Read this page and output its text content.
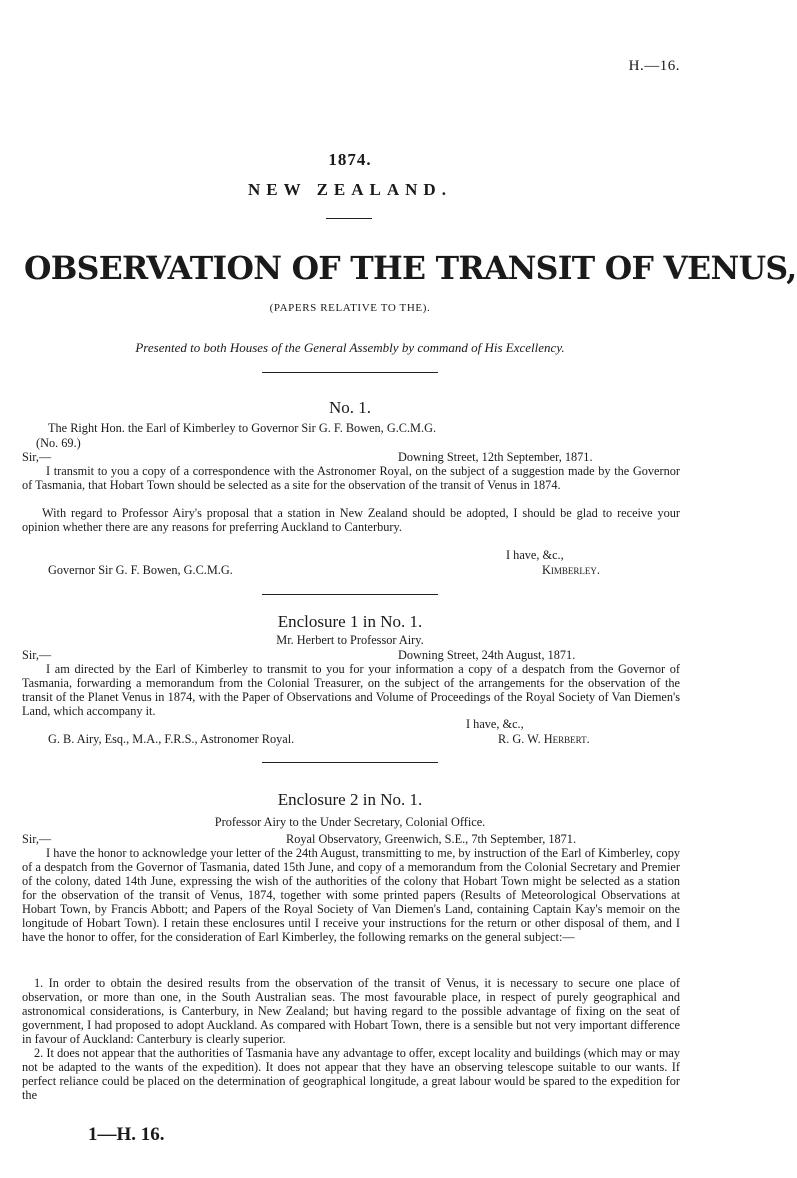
H.—16.
1874.
NEW ZEALAND.
OBSERVATION OF THE TRANSIT OF VENUS,
(PAPERS RELATIVE TO THE).
Presented to both Houses of the General Assembly by command of His Excellency.
No. 1.
The Right Hon. the Earl of Kimberley to Governor Sir G. F. Bowen, G.C.M.G.
(No. 69.)
Sir,—	Downing Street, 12th September, 1871.
I transmit to you a copy of a correspondence with the Astronomer Royal, on the subject of a suggestion made by the Governor of Tasmania, that Hobart Town should be selected as a site for the observation of the transit of Venus in 1874.
With regard to Professor Airy's proposal that a station in New Zealand should be adopted, I should be glad to receive your opinion whether there are any reasons for preferring Auckland to Canterbury.
I have, &c.,
Governor Sir G. F. Bowen, G.C.M.G.	Kimberley.
Enclosure 1 in No. 1.
Mr. Herbert to Professor Airy.
Sir,—	Downing Street, 24th August, 1871.
I am directed by the Earl of Kimberley to transmit to you for your information a copy of a despatch from the Governor of Tasmania, forwarding a memorandum from the Colonial Treasurer, on the subject of the arrangements for the observation of the transit of the Planet Venus in 1874, with the Paper of Observations and Volume of Proceedings of the Royal Society of Van Diemen's Land, which accompany it.
I have, &c.,
G. B. Airy, Esq., M.A., F.R.S., Astronomer Royal.	R. G. W. Herbert.
Enclosure 2 in No. 1.
Professor Airy to the Under Secretary, Colonial Office.
Sir,—	Royal Observatory, Greenwich, S.E., 7th September, 1871.
I have the honor to acknowledge your letter of the 24th August, transmitting to me, by instruction of the Earl of Kimberley, copy of a despatch from the Governor of Tasmania, dated 15th June, and copy of a memorandum from the Colonial Secretary and Premier of the colony, dated 14th June, expressing the wish of the authorities of the colony that Hobart Town might be selected as a station for the observation of the transit of Venus, 1874, together with some printed papers (Results of Meteorological Observations at Hobart Town, by Francis Abbott; and Papers of the Royal Society of Van Diemen's Land, containing Captain Kay's memoir on the longitude of Hobart Town). I retain these enclosures until I receive your instructions for the return or other disposal of them, and I have the honor to offer, for the consideration of Earl Kimberley, the following remarks on the general subject:—
1. In order to obtain the desired results from the observation of the transit of Venus, it is necessary to secure one place of observation, or more than one, in the South Australian seas. The most favourable place, in respect of purely geographical and astronomical considerations, is Canterbury, in New Zealand; but having regard to the possible advantage of fixing on the seat of government, I had proposed to adopt Auckland. As compared with Hobart Town, there is a sensible but not very important difference in favour of Auckland: Canterbury is clearly superior.
2. It does not appear that the authorities of Tasmania have any advantage to offer, except locality and buildings (which may or may not be adapted to the wants of the expedition). It does not appear that they have an observing telescope suitable to our wants. If perfect reliance could be placed on the determination of geographical longitude, a great labour would be spared to the expedition for the
1—H. 16.
